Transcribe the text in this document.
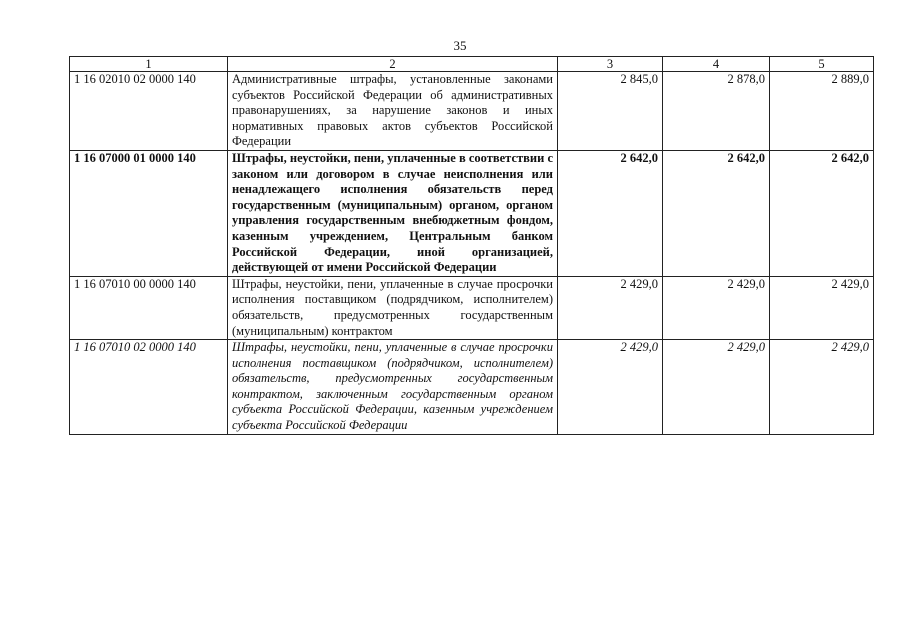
35
1	2	3	4	5
1 16 02010 02 0000 140	Административные штрафы, установленные законами субъектов Российской Федерации об административных правонарушениях, за нарушение законов и иных нормативных правовых актов субъектов Российской Федерации	2 845,0	2 878,0	2 889,0
1 16 07000 01 0000 140	Штрафы, неустойки, пени, уплаченные в соответствии с законом или договором в случае неисполнения или ненадлежащего исполнения обязательств перед государственным (муниципальным) органом, органом управления государственным внебюджетным фондом, казенным учреждением, Центральным банком Российской Федерации, иной организацией, действующей от имени Российской Федерации	2 642,0	2 642,0	2 642,0
1 16 07010 00 0000 140	Штрафы, неустойки, пени, уплаченные в случае просрочки исполнения поставщиком (подрядчиком, исполнителем) обязательств, предусмотренных государственным (муниципальным) контрактом	2 429,0	2 429,0	2 429,0
1 16 07010 02 0000 140	Штрафы, неустойки, пени, уплаченные в случае просрочки исполнения поставщиком (подрядчиком, исполнителем) обязательств, предусмотренных государственным контрактом, заключенным государственным органом субъекта Российской Федерации, казенным учреждением субъекта Российской Федерации	2 429,0	2 429,0	2 429,0
